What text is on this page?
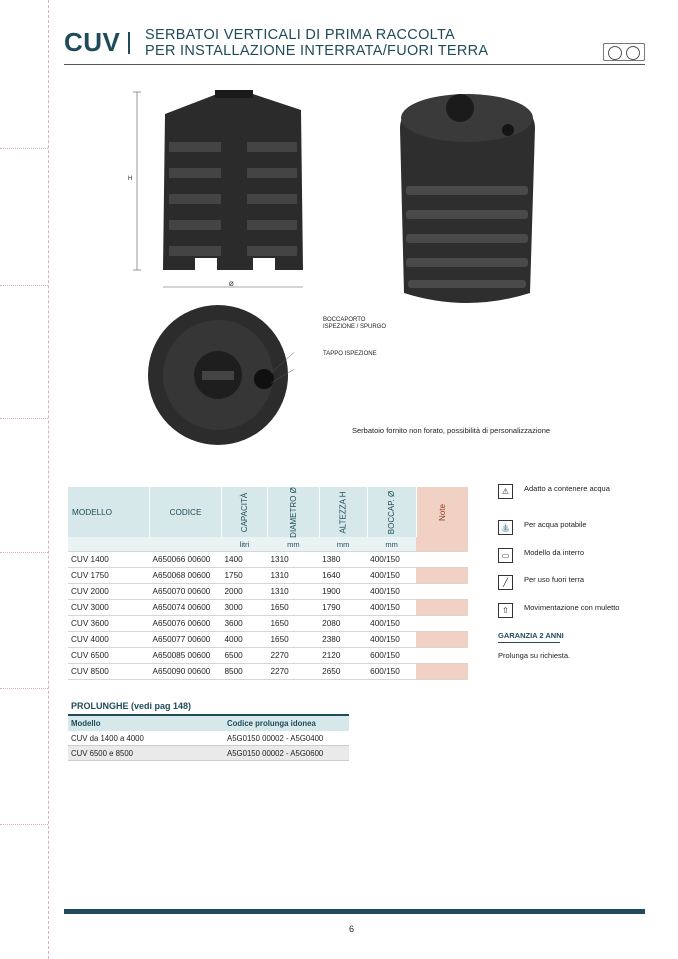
CUV SERBATOI VERTICALI DI PRIMA RACCOLTA
PER INSTALLAZIONE INTERRATA/FUORI TERRA
H
Ø
BOCCAPORTO
ISPEZIONE / SPURGO
TAPPO ISPEZIONE
Serbatoio fornito non forato, possibilità di personalizzazione
MODELLO	CODICE	CAPACITÀ	DIAMETRO Ø	ALTEZZA H	BOCCAP. Ø	Note
		litri	mm	mm	mm	
CUV 1400	A650066 00600	1400	1310	1380	400/150	
CUV 1750	A650068 00600	1750	1310	1640	400/150	
CUV 2000	A650070 00600	2000	1310	1900	400/150	
CUV 3000	A650074 00600	3000	1650	1790	400/150	
CUV 3600	A650076 00600	3600	1650	2080	400/150	
CUV 4000	A650077 00600	4000	1650	2380	400/150	
CUV 6500	A650085 00600	6500	2270	2120	600/150	
CUV 8500	A650090 00600	8500	2270	2650	600/150	
⚠	Adatto a contenere acqua
⛲	Per acqua potabile
▭	Modello da interro
╱	Per uso fuori terra
⇧	Movimentazione con muletto
GARANZIA 2 ANNI
Prolunga su richiesta.
PROLUNGHE (vedi pag 148)
Modello	Codice prolunga idonea
CUV da 1400 a 4000	A5G0150 00002 - A5G0400
CUV 6500 e 8500	A5G0150 00002 - A5G0600
6
